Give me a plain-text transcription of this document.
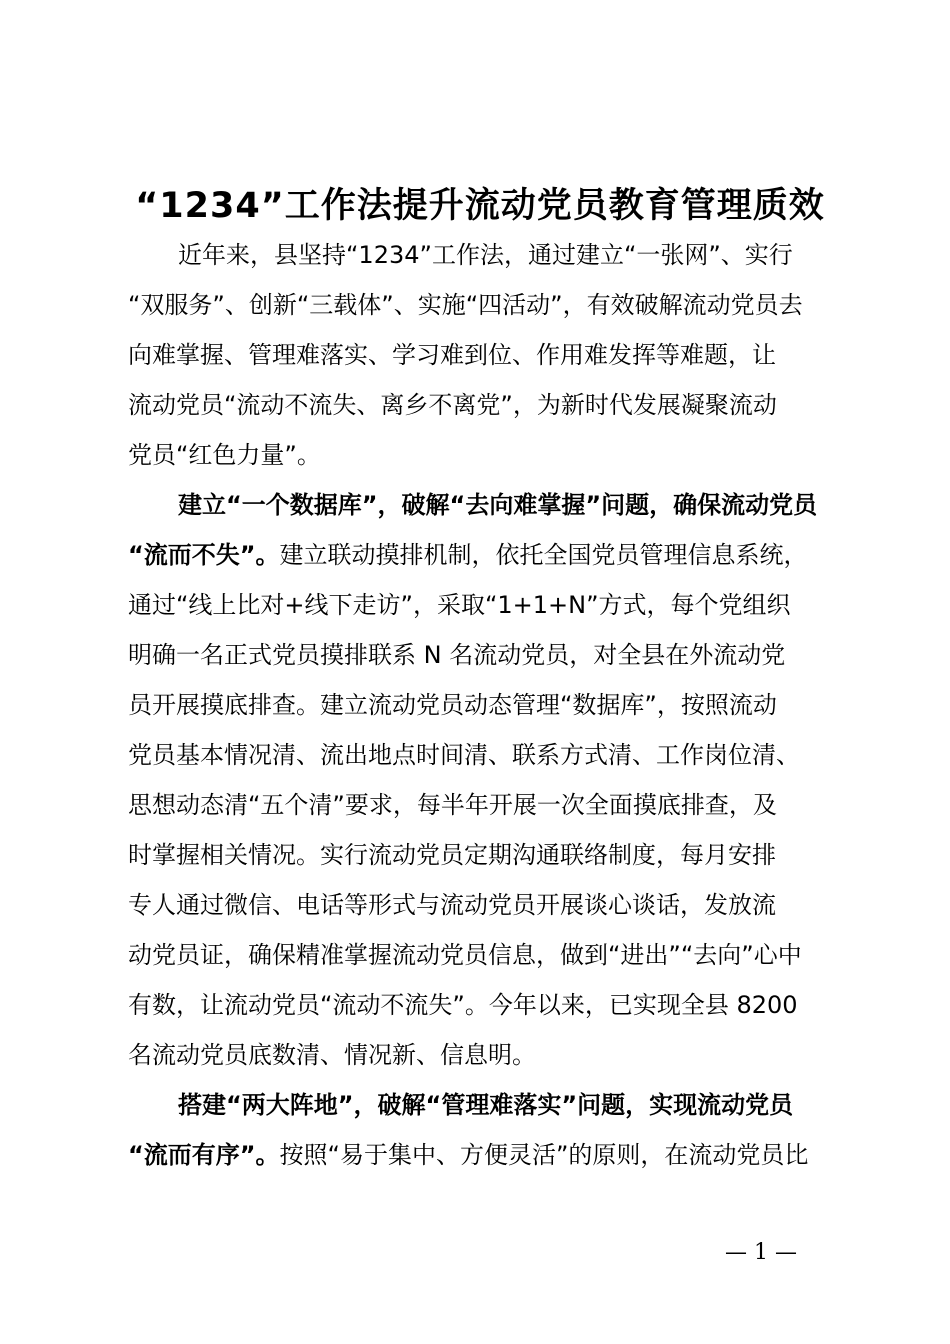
“1234”工作法提升流动党员教育管理质效
近年来，县坚持“1234”工作法，通过建立“一张网”、实行
“双服务”、创新“三载体”、实施“四活动”，有效破解流动党员去
向难掌握、管理难落实、学习难到位、作用难发挥等难题，让
流动党员“流动不流失、离乡不离党”，为新时代发展凝聚流动
党员“红色力量”。
建立“一个数据库”，破解“去向难掌握”问题，确保流动党员
“流而不失”。建立联动摸排机制，依托全国党员管理信息系统，
通过“线上比对+线下走访”，采取“1+1+N”方式，每个党组织
明确一名正式党员摸排联系 N 名流动党员，对全县在外流动党
员开展摸底排查。建立流动党员动态管理“数据库”，按照流动
党员基本情况清、流出地点时间清、联系方式清、工作岗位清、
思想动态清“五个清”要求，每半年开展一次全面摸底排查，及
时掌握相关情况。实行流动党员定期沟通联络制度，每月安排
专人通过微信、电话等形式与流动党员开展谈心谈话，发放流
动党员证，确保精准掌握流动党员信息，做到“进出”“去向”心中
有数，让流动党员“流动不流失”。今年以来，已实现全县 8200
名流动党员底数清、情况新、信息明。
搭建“两大阵地”，破解“管理难落实”问题，实现流动党员
“流而有序”。按照“易于集中、方便灵活”的原则，在流动党员比
— 1 —
